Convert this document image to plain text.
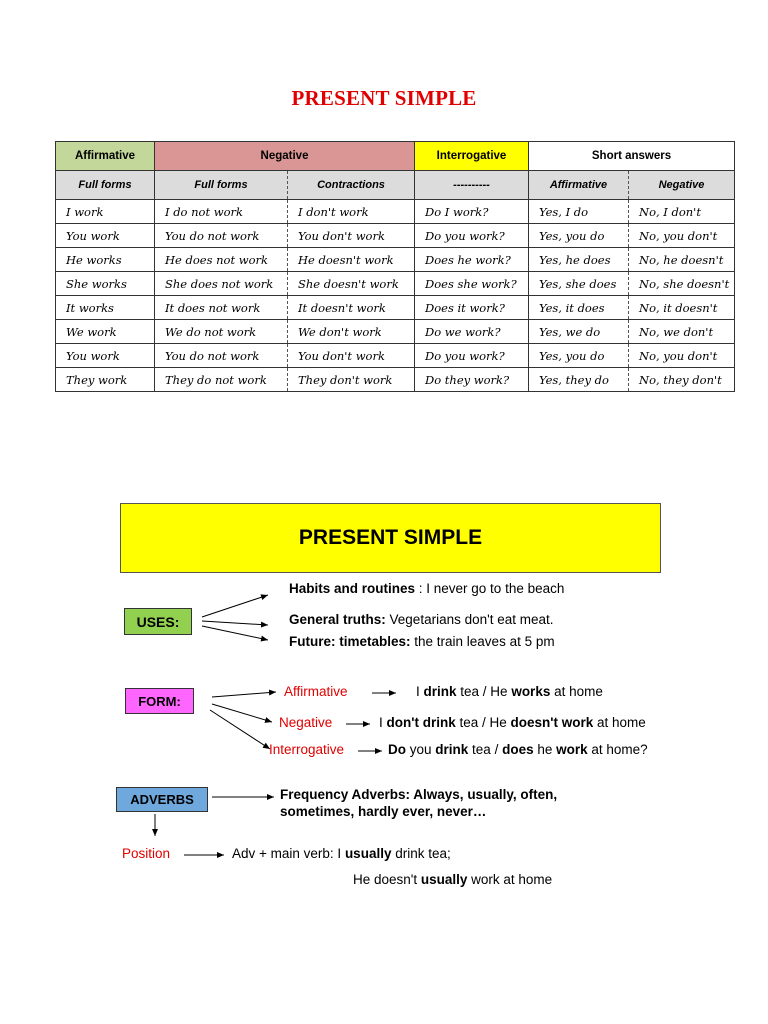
PRESENT SIMPLE
Affirmative	Negative		Interrogative	Short answers	
Full forms	Full forms	Contractions	----------	Affirmative	Negative
I work	I do not work	I don't work	Do I work?	Yes, I do	No, I don't
You work	You do not work	You don't work	Do you work?	Yes, you do	No, you don't
He works	He does not work	He doesn't work	Does he work?	Yes, he does	No, he doesn't
She works	She does not work	She doesn't work	Does she work?	Yes, she does	No, she doesn't
It works	It does not work	It doesn't work	Does it work?	Yes, it does	No, it doesn't
We work	We do not work	We don't work	Do we work?	Yes, we do	No, we don't
You work	You do not work	You don't work	Do you work?	Yes, you do	No, you don't
They work	They do not work	They don't work	Do they work?	Yes, they do	No, they don't
PRESENT SIMPLE
USES:
Habits and routines : I never go to the beach
General truths: Vegetarians don't eat meat.
Future: timetables: the train leaves at 5 pm
FORM:
Affirmative	I drink tea / He works at home
Negative	I don't drink tea / He doesn't work at home
Interrogative	Do you drink tea / does he work at home?
ADVERBS	Frequency Adverbs: Always, usually, often,
sometimes, hardly ever, never…
Position	Adv + main verb: I usually drink tea;
He doesn't usually work at home
